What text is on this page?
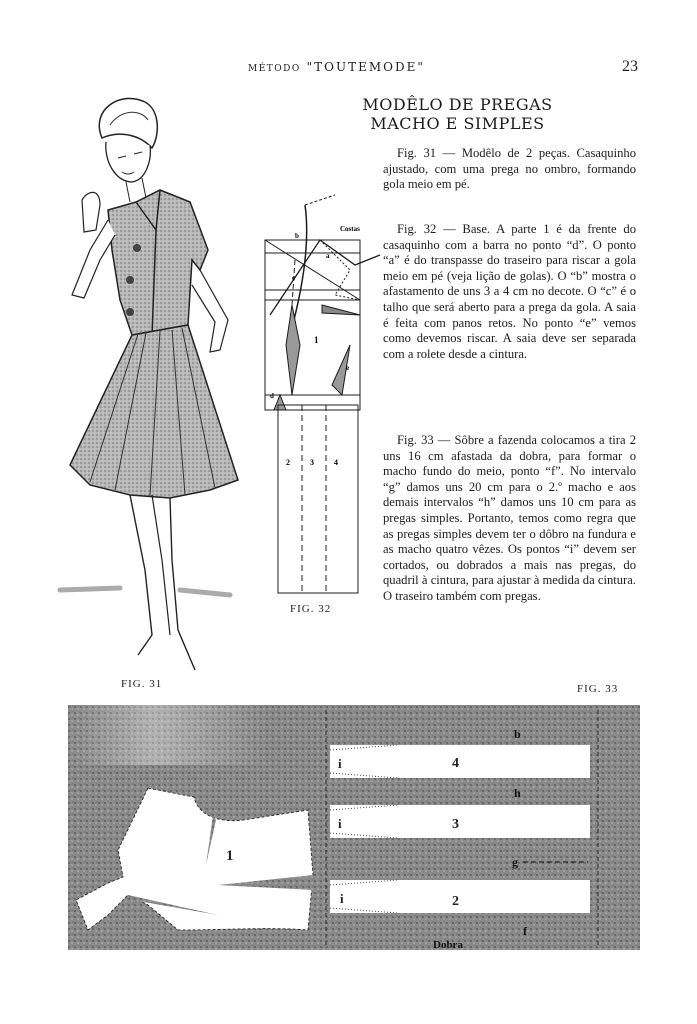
MÉTODO "TOUTEMODE"	23
MODÊLO DE PREGAS
MACHO E SIMPLES
Fig. 31 — Modêlo de 2 peças. Casaquinho ajustado, com uma prega no ombro, formando gola meio em pé.
Fig. 32 — Base. A parte 1 é da frente do casaquinho com a barra no ponto “d”. O ponto “a” é do transpasse do traseiro para riscar a gola meio em pé (veja lição de golas). O “b” mostra o afastamento de uns 3 a 4 cm no decote. O “c” é o talho que será aberto para a prega da gola. A saia é feita com panos retos. No ponto “e” vemos como devemos riscar. A saia deve ser separada com a rolete desde a cintura.
Fig. 33 — Sôbre a fazenda colocamos a tira 2 uns 16 cm afastada da dobra, para formar o macho fundo do meio, ponto “f”. No intervalo “g” damos uns 20 cm para o 2.º macho e aos demais intervalos “h” damos uns 10 cm para as pregas simples. Portanto, temos como regra que as pregas simples devem ter o dôbro na fundura e as macho quatro vêzes. Os pontos “i” devem ser cortados, ou dobrados a mais nas pregas, do quadril à cintura, para ajustar à medida da cintura. O traseiro também com pregas.
FIG. 31
b
Costas
a
c
1
d
e
2	3	4
FIG. 32
FIG. 33
1
i
i
i
4
3
2
b
h
g
f
Dobra
